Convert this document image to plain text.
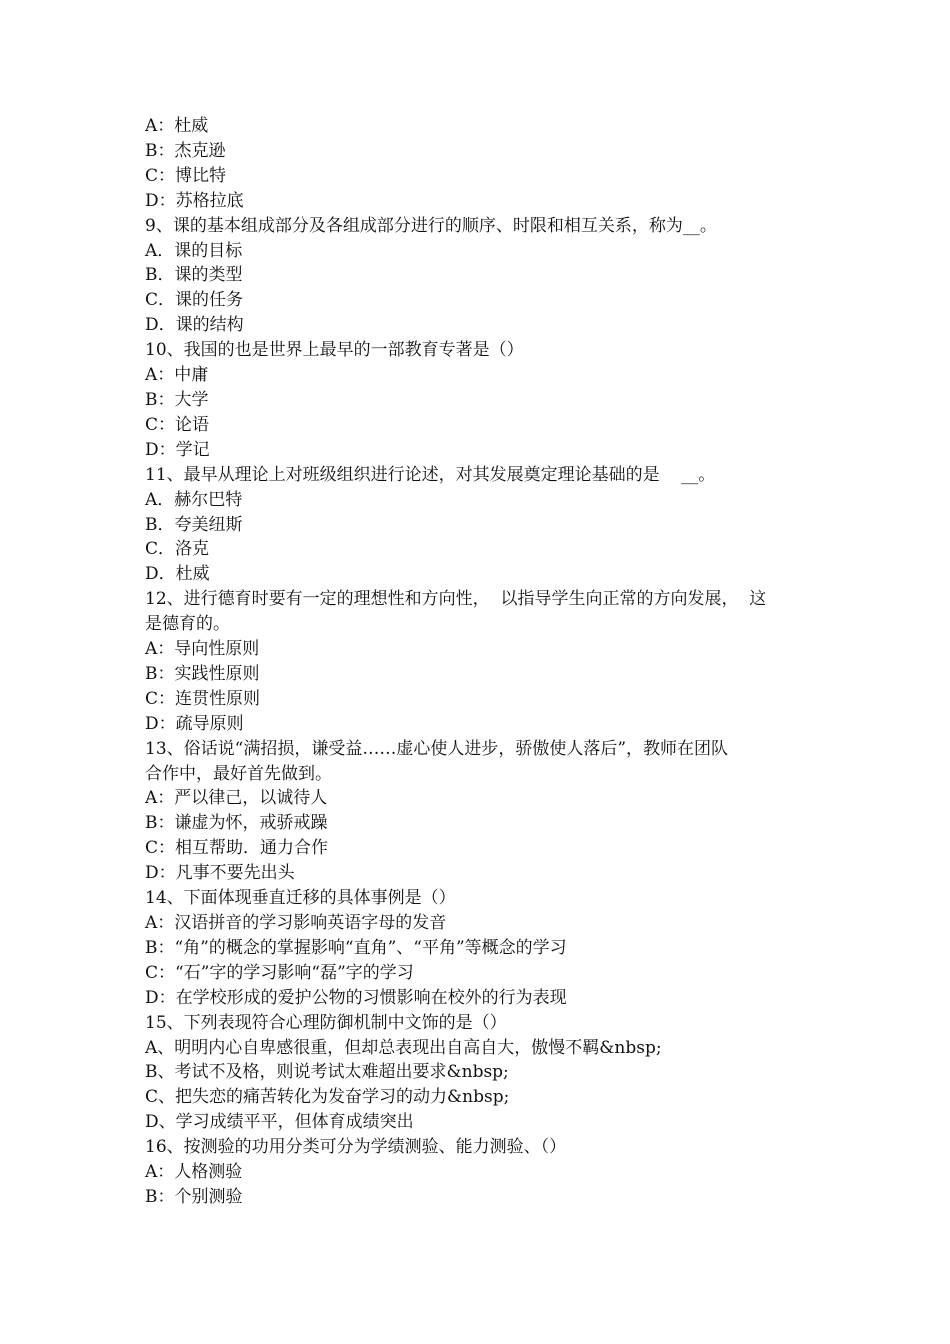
A：杜威
B：杰克逊
C：博比特
D：苏格拉底
9、课的基本组成部分及各组成部分进行的顺序、时限和相互关系，称为__。
A．课的目标
B．课的类型
C．课的任务
D．课的结构
10、我国的也是世界上最早的一部教育专著是（）
A：中庸
B：大学
C：论语
D：学记
11、最早从理论上对班级组织进行论述，对其发展奠定理论基础的是    __。
A．赫尔巴特
B．夸美纽斯
C．洛克
D．杜威
12、进行德育时要有一定的理想性和方向性，  以指导学生向正常的方向发展，  这
是德育的。
A：导向性原则
B：实践性原则
C：连贯性原则
D：疏导原则
13、俗话说“满招损，谦受益……虚心使人进步，骄傲使人落后”，教师在团队
合作中，最好首先做到。
A：严以律己，以诚待人
B：谦虚为怀，戒骄戒躁
C：相互帮助．通力合作
D：凡事不要先出头
14、下面体现垂直迁移的具体事例是（）
A：汉语拼音的学习影响英语字母的发音
B：“角”的概念的掌握影响“直角”、“平角”等概念的学习
C：“石”字的学习影响“磊”字的学习
D：在学校形成的爱护公物的习惯影响在校外的行为表现
15、下列表现符合心理防御机制中文饰的是（）
A、明明内心自卑感很重，但却总表现出自高自大，傲慢不羁&nbsp;
B、考试不及格，则说考试太难超出要求&nbsp;
C、把失恋的痛苦转化为发奋学习的动力&nbsp;
D、学习成绩平平，但体育成绩突出
16、按测验的功用分类可分为学绩测验、能力测验、（）
A：人格测验
B：个别测验
